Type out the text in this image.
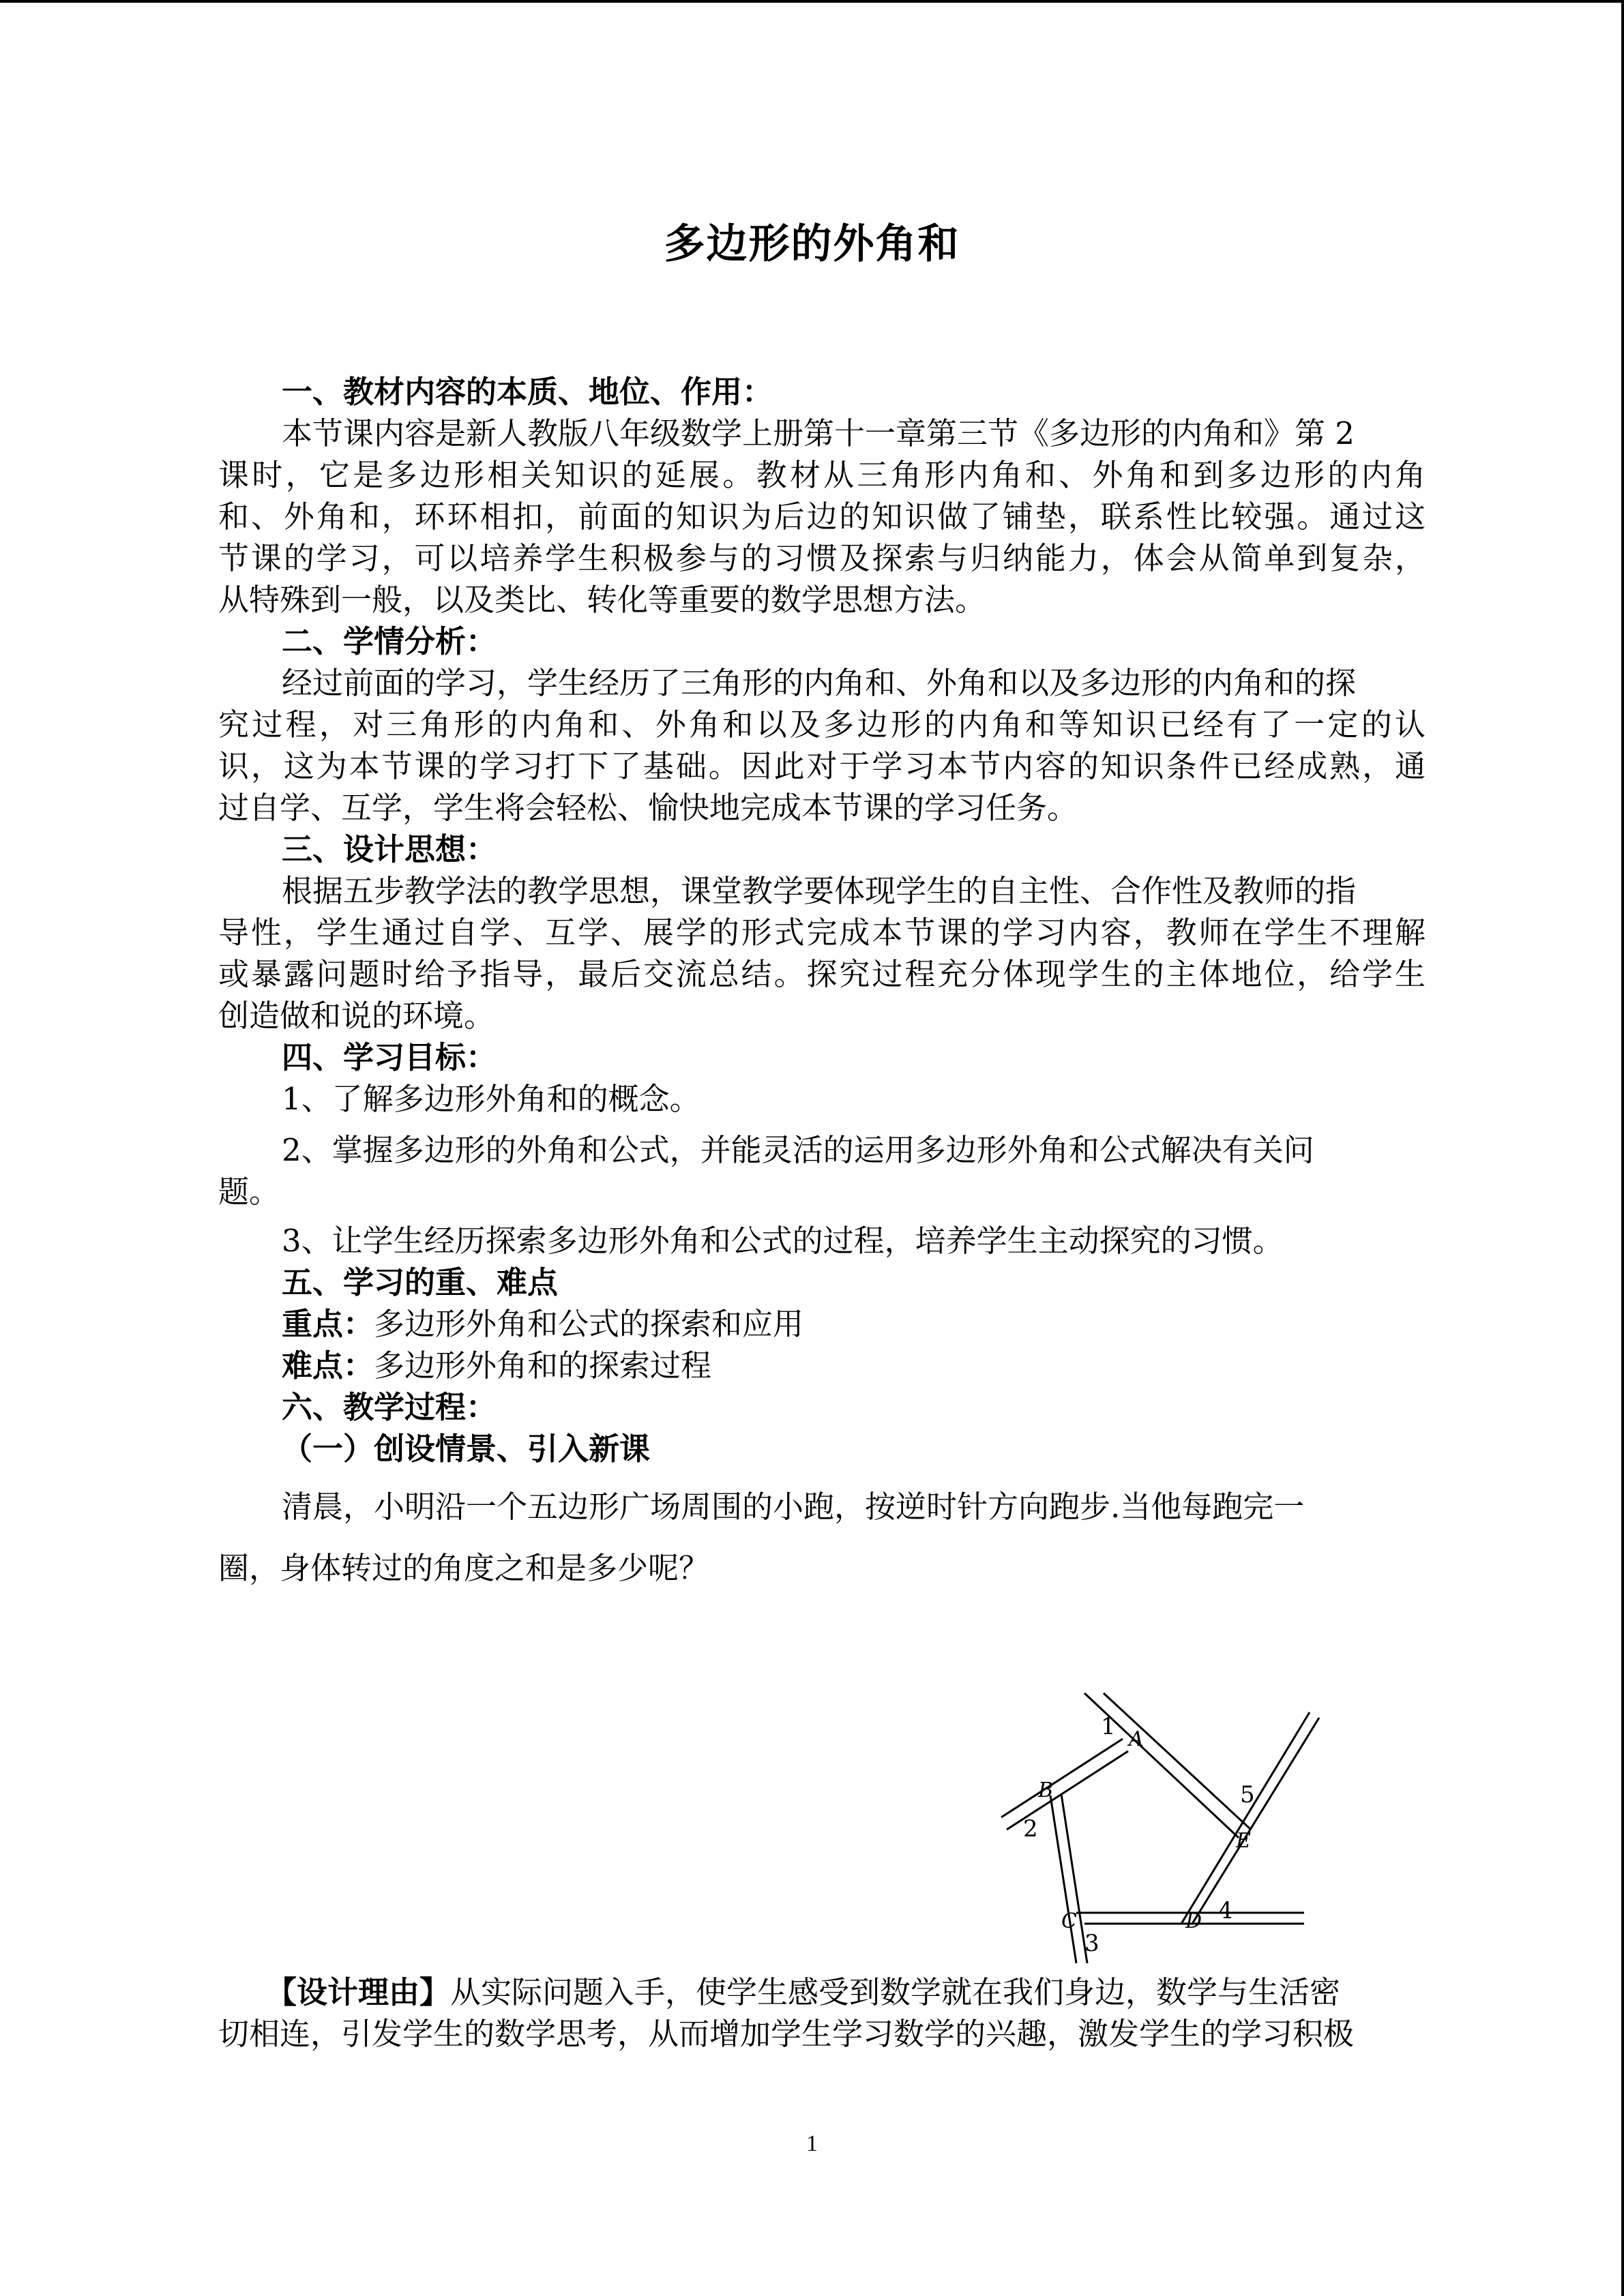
多边形的外角和
一、教材内容的本质、地位、作用：
本节课内容是新人教版八年级数学上册第十一章第三节《多边形的内角和》第 2
课时，它是多边形相关知识的延展。教材从三角形内角和、外角和到多边形的内角
和、外角和，环环相扣，前面的知识为后边的知识做了铺垫，联系性比较强。通过这
节课的学习，可以培养学生积极参与的习惯及探索与归纳能力，体会从简单到复杂，
从特殊到一般，以及类比、转化等重要的数学思想方法。
二、学情分析：
经过前面的学习，学生经历了三角形的内角和、外角和以及多边形的内角和的探
究过程，对三角形的内角和、外角和以及多边形的内角和等知识已经有了一定的认
识，这为本节课的学习打下了基础。因此对于学习本节内容的知识条件已经成熟，通
过自学、互学，学生将会轻松、愉快地完成本节课的学习任务。
三、设计思想：
根据五步教学法的教学思想，课堂教学要体现学生的自主性、合作性及教师的指
导性，学生通过自学、互学、展学的形式完成本节课的学习内容，教师在学生不理解
或暴露问题时给予指导，最后交流总结。探究过程充分体现学生的主体地位，给学生
创造做和说的环境。
四、学习目标：
1、了解多边形外角和的概念。
2、掌握多边形的外角和公式，并能灵活的运用多边形外角和公式解决有关问
题。
3、让学生经历探索多边形外角和公式的过程，培养学生主动探究的习惯。
五、学习的重、难点
重点：多边形外角和公式的探索和应用
难点：多边形外角和的探索过程
六、教学过程：
（一）创设情景、引入新课
清晨，小明沿一个五边形广场周围的小跑，按逆时针方向跑步.当他每跑完一
圈，身体转过的角度之和是多少呢？
A
B
C	D
E
1
2
3
4
5
【设计理由】从实际问题入手，使学生感受到数学就在我们身边，数学与生活密
切相连，引发学生的数学思考，从而增加学生学习数学的兴趣，激发学生的学习积极
1
